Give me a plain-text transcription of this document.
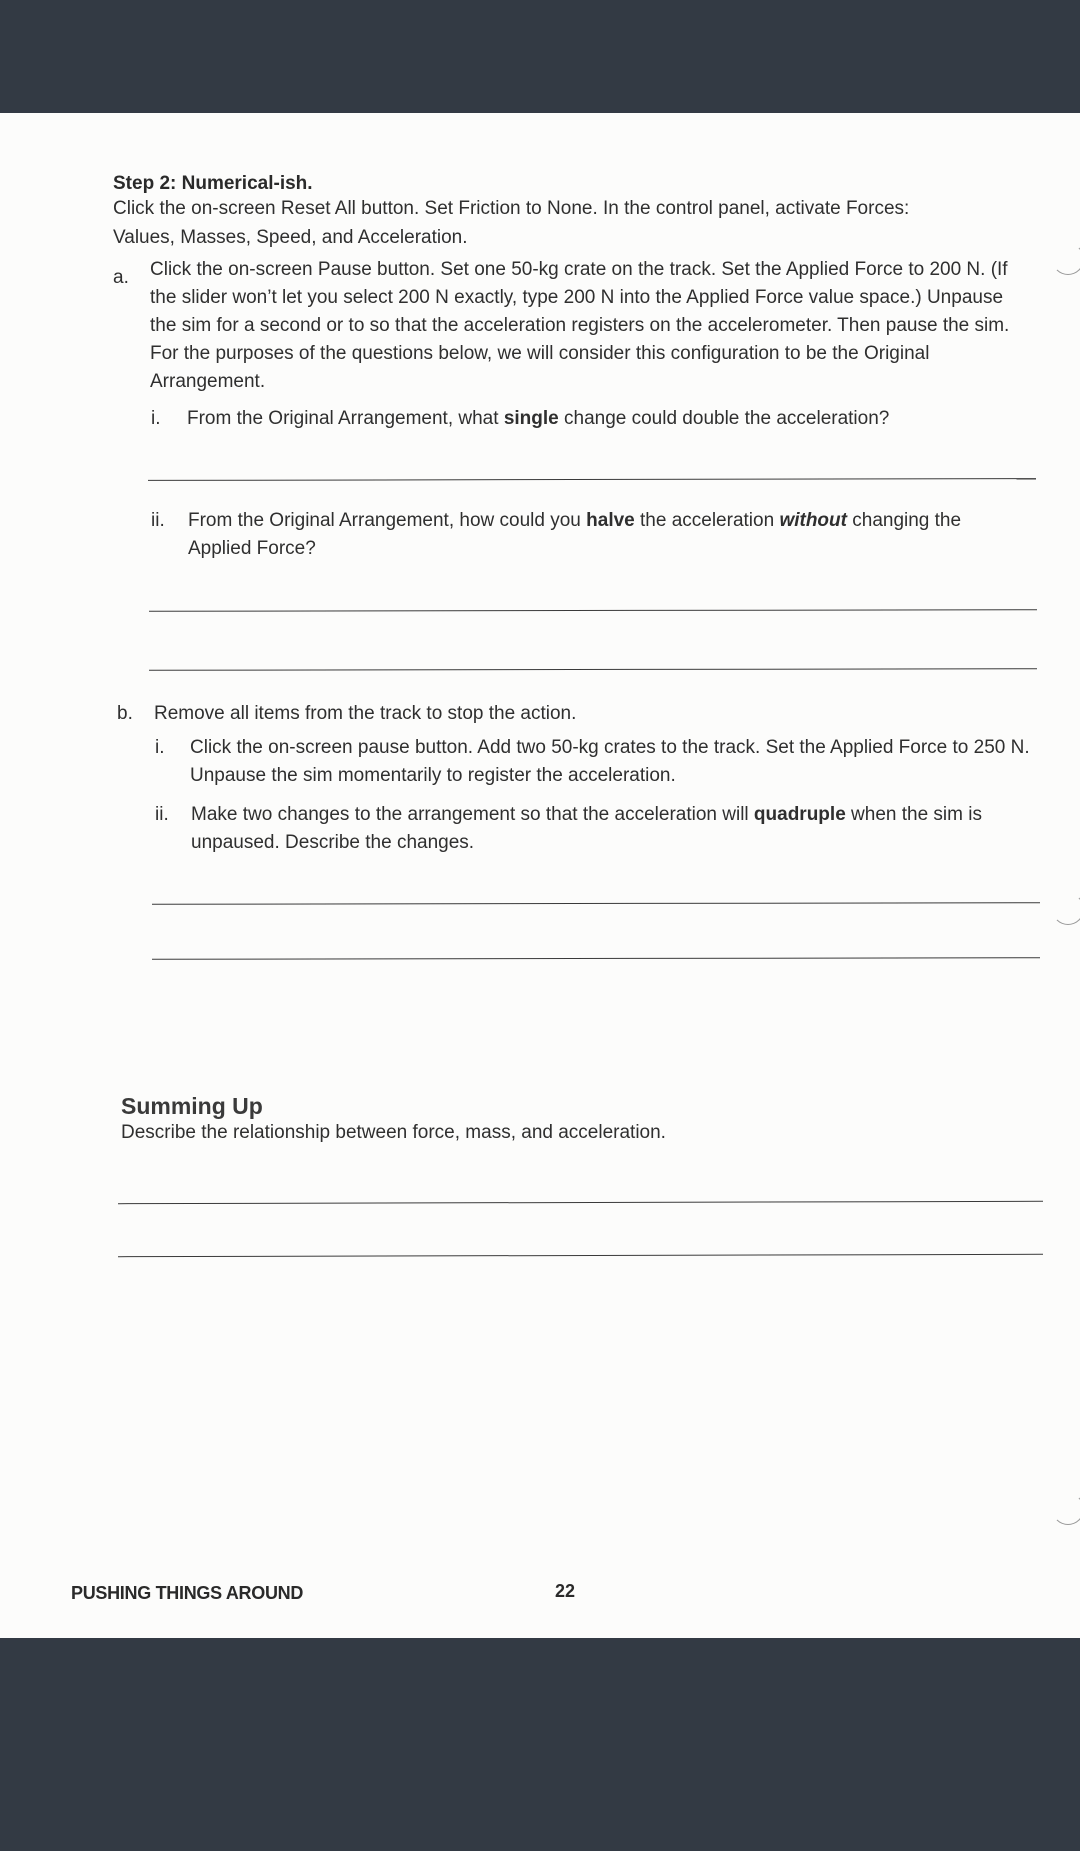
Step 2: Numerical-ish.
Click the on-screen Reset All button. Set Friction to None. In the control panel, activate Forces: Values, Masses, Speed, and Acceleration.
a. Click the on-screen Pause button. Set one 50-kg crate on the track. Set the Applied Force to 200 N. (If the slider won’t let you select 200 N exactly, type 200 N into the Applied Force value space.) Unpause the sim for a second or to so that the acceleration registers on the accelerometer. Then pause the sim. For the purposes of the questions below, we will consider this configuration to be the Original Arrangement.
i. From the Original Arrangement, what single change could double the acceleration?
ii. From the Original Arrangement, how could you halve the acceleration without changing the Applied Force?
b. Remove all items from the track to stop the action.
i. Click the on-screen pause button. Add two 50-kg crates to the track. Set the Applied Force to 250 N. Unpause the sim momentarily to register the acceleration.
ii. Make two changes to the arrangement so that the acceleration will quadruple when the sim is unpaused. Describe the changes.
Summing Up
Describe the relationship between force, mass, and acceleration.
PUSHING THINGS AROUND	22
